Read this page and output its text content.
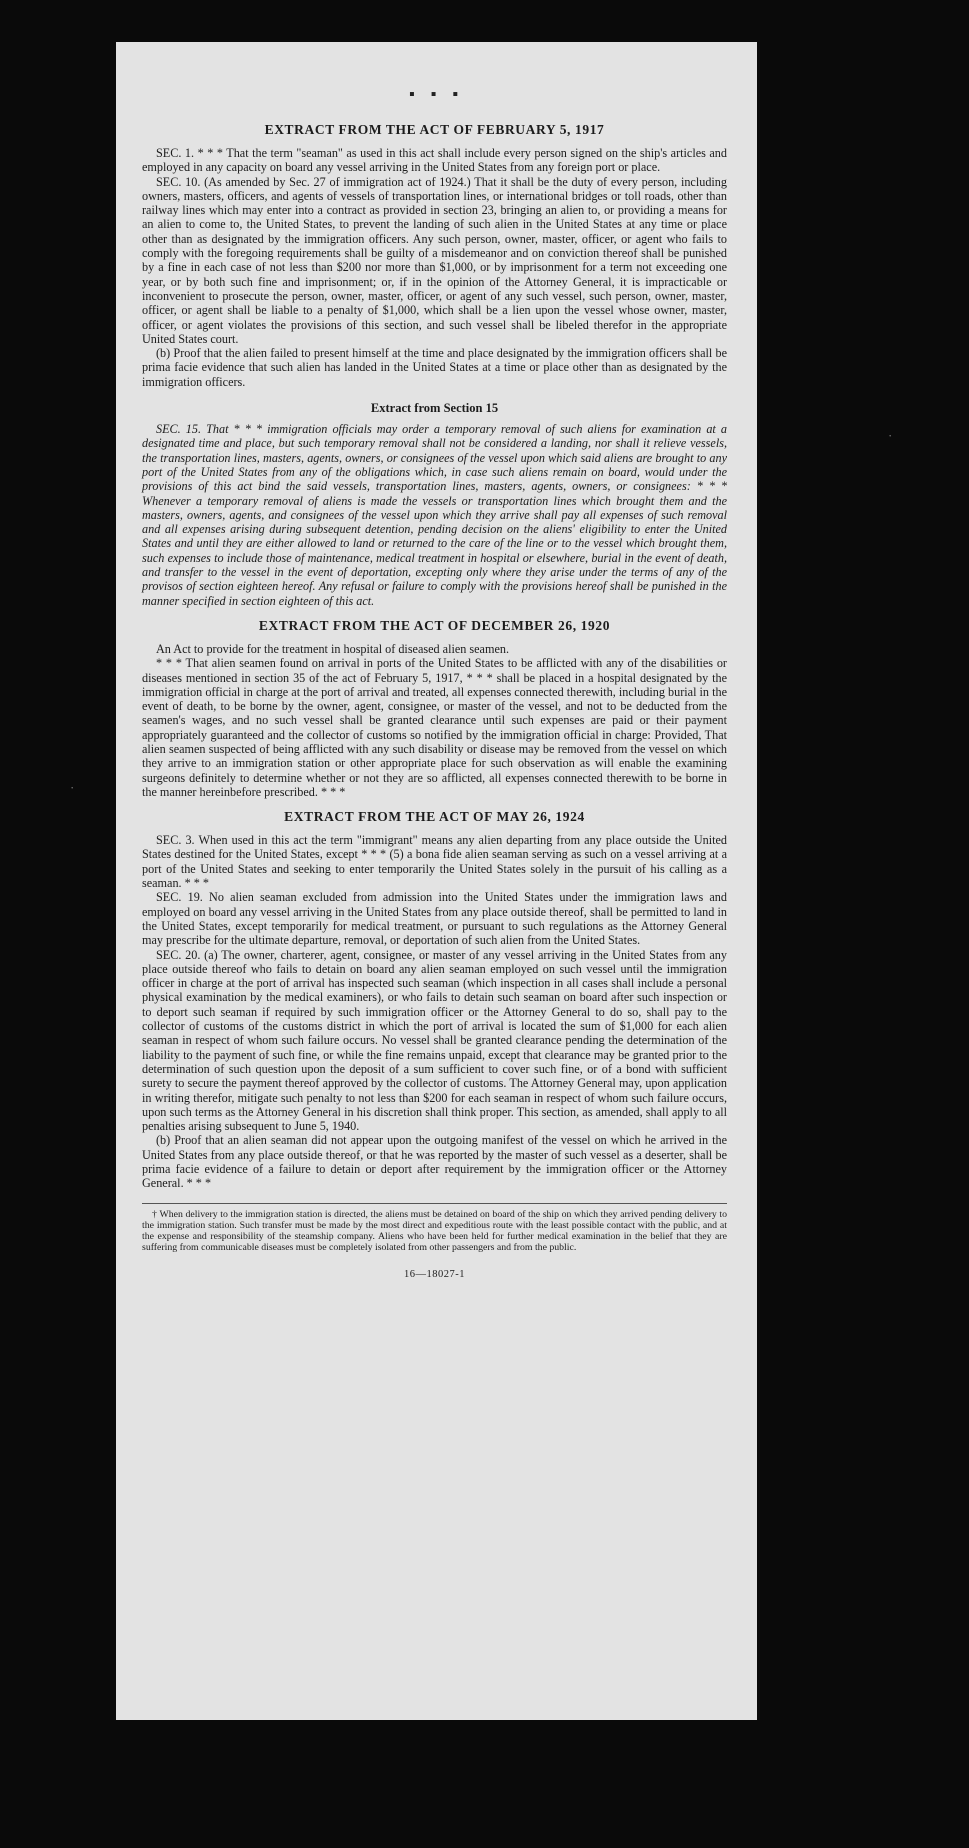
▪ ▪ ▪
EXTRACT FROM THE ACT OF FEBRUARY 5, 1917

SEC. 1. * * * That the term "seaman" as used in this act shall include every person signed on the ship's articles and employed in any capacity on board any vessel arriving in the United States from any foreign port or place.

SEC. 10. (As amended by Sec. 27 of immigration act of 1924.) That it shall be the duty of every person, including owners, masters, officers, and agents of vessels of transportation lines, or international bridges or toll roads, other than railway lines which may enter into a contract as provided in section 23, bringing an alien to, or providing a means for an alien to come to, the United States, to prevent the landing of such alien in the United States at any time or place other than as designated by the immigration officers. Any such person, owner, master, officer, or agent who fails to comply with the foregoing requirements shall be guilty of a misdemeanor and on conviction thereof shall be punished by a fine in each case of not less than $200 nor more than $1,000, or by imprisonment for a term not exceeding one year, or by both such fine and imprisonment; or, if in the opinion of the Attorney General, it is impracticable or inconvenient to prosecute the person, owner, master, officer, or agent of any such vessel, such person, owner, master, officer, or agent shall be liable to a penalty of $1,000, which shall be a lien upon the vessel whose owner, master, officer, or agent violates the provisions of this section, and such vessel shall be libeled therefor in the appropriate United States court.

(b) Proof that the alien failed to present himself at the time and place designated by the immigration officers shall be prima facie evidence that such alien has landed in the United States at a time or place other than as designated by the immigration officers.

Extract from Section 15

SEC. 15. That * * * immigration officials may order a temporary removal of such aliens for examination at a designated time and place, but such temporary removal shall not be considered a landing, nor shall it relieve vessels, the transportation lines, masters, agents, owners, or consignees of the vessel upon which said aliens are brought to any port of the United States from any of the obligations which, in case such aliens remain on board, would under the provisions of this act bind the said vessels, transportation lines, masters, agents, owners, or consignees: * * * Whenever a temporary removal of aliens is made the vessels or transportation lines which brought them and the masters, owners, agents, and consignees of the vessel upon which they arrive shall pay all expenses of such removal and all expenses arising during subsequent detention, pending decision on the aliens' eligibility to enter the United States and until they are either allowed to land or returned to the care of the line or to the vessel which brought them, such expenses to include those of maintenance, medical treatment in hospital or elsewhere, burial in the event of death, and transfer to the vessel in the event of deportation, excepting only where they arise under the terms of any of the provisos of section eighteen hereof. Any refusal or failure to comply with the provisions hereof shall be punished in the manner specified in section eighteen of this act.

EXTRACT FROM THE ACT OF DECEMBER 26, 1920

An Act to provide for the treatment in hospital of diseased alien seamen.

* * * That alien seamen found on arrival in ports of the United States to be afflicted with any of the disabilities or diseases mentioned in section 35 of the act of February 5, 1917, * * * shall be placed in a hospital designated by the immigration official in charge at the port of arrival and treated, all expenses connected therewith, including burial in the event of death, to be borne by the owner, agent, consignee, or master of the vessel, and not to be deducted from the seamen's wages, and no such vessel shall be granted clearance until such expenses are paid or their payment appropriately guaranteed and the collector of customs so notified by the immigration official in charge: Provided, That alien seamen suspected of being afflicted with any such disability or disease may be removed from the vessel on which they arrive to an immigration station or other appropriate place for such observation as will enable the examining surgeons definitely to determine whether or not they are so afflicted, all expenses connected therewith to be borne in the manner hereinbefore prescribed. * * *

EXTRACT FROM THE ACT OF MAY 26, 1924

SEC. 3. When used in this act the term "immigrant" means any alien departing from any place outside the United States destined for the United States, except * * * (5) a bona fide alien seaman serving as such on a vessel arriving at a port of the United States and seeking to enter temporarily the United States solely in the pursuit of his calling as a seaman. * * *

SEC. 19. No alien seaman excluded from admission into the United States under the immigration laws and employed on board any vessel arriving in the United States from any place outside thereof, shall be permitted to land in the United States, except temporarily for medical treatment, or pursuant to such regulations as the Attorney General may prescribe for the ultimate departure, removal, or deportation of such alien from the United States.

SEC. 20. (a) The owner, charterer, agent, consignee, or master of any vessel arriving in the United States from any place outside thereof who fails to detain on board any alien seaman employed on such vessel until the immigration officer in charge at the port of arrival has inspected such seaman (which inspection in all cases shall include a personal physical examination by the medical examiners), or who fails to detain such seaman on board after such inspection or to deport such seaman if required by such immigration officer or the Attorney General to do so, shall pay to the collector of customs of the customs district in which the port of arrival is located the sum of $1,000 for each alien seaman in respect of whom such failure occurs. No vessel shall be granted clearance pending the determination of the liability to the payment of such fine, or while the fine remains unpaid, except that clearance may be granted prior to the determination of such question upon the deposit of a sum sufficient to cover such fine, or of a bond with sufficient surety to secure the payment thereof approved by the collector of customs. The Attorney General may, upon application in writing therefor, mitigate such penalty to not less than $200 for each seaman in respect of whom such failure occurs, upon such terms as the Attorney General in his discretion shall think proper. This section, as amended, shall apply to all penalties arising subsequent to June 5, 1940.

(b) Proof that an alien seaman did not appear upon the outgoing manifest of the vessel on which he arrived in the United States from any place outside thereof, or that he was reported by the master of such vessel as a deserter, shall be prima facie evidence of a failure to detain or deport after requirement by the immigration officer or the Attorney General. * * *

† When delivery to the immigration station is directed, the aliens must be detained on board of the ship on which they arrived pending delivery to the immigration station. Such transfer must be made by the most direct and expeditious route with the least possible contact with the public, and at the expense and responsibility of the steamship company. Aliens who have been held for further medical examination in the belief that they are suffering from communicable diseases must be completely isolated from other passengers and from the public.
16—18027-1
·
·
